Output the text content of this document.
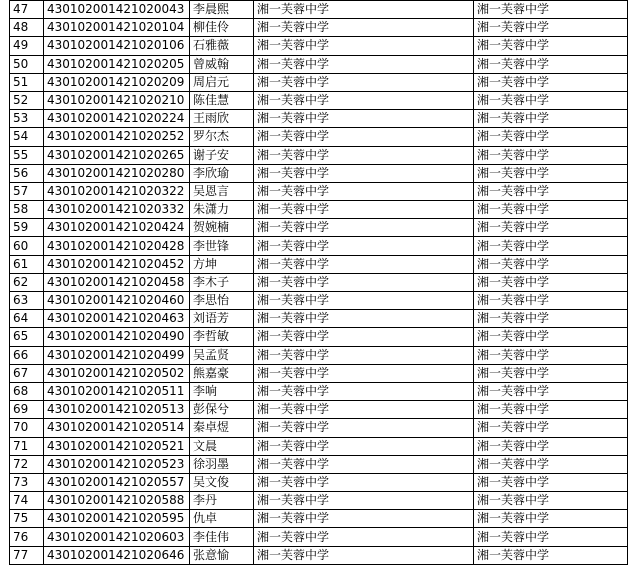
47	430102001421020043	李晨熙	湘一芙蓉中学	湘一芙蓉中学
48	430102001421020104	柳佳伶	湘一芙蓉中学	湘一芙蓉中学
49	430102001421020106	石雅薇	湘一芙蓉中学	湘一芙蓉中学
50	430102001421020205	曾威翰	湘一芙蓉中学	湘一芙蓉中学
51	430102001421020209	周启元	湘一芙蓉中学	湘一芙蓉中学
52	430102001421020210	陈佳慧	湘一芙蓉中学	湘一芙蓉中学
53	430102001421020224	王雨欣	湘一芙蓉中学	湘一芙蓉中学
54	430102001421020252	罗尔杰	湘一芙蓉中学	湘一芙蓉中学
55	430102001421020265	谢子安	湘一芙蓉中学	湘一芙蓉中学
56	430102001421020280	李欣瑜	湘一芙蓉中学	湘一芙蓉中学
57	430102001421020322	吴恩言	湘一芙蓉中学	湘一芙蓉中学
58	430102001421020332	朱潇力	湘一芙蓉中学	湘一芙蓉中学
59	430102001421020424	贺婉楠	湘一芙蓉中学	湘一芙蓉中学
60	430102001421020428	李世锋	湘一芙蓉中学	湘一芙蓉中学
61	430102001421020452	方坤	湘一芙蓉中学	湘一芙蓉中学
62	430102001421020458	李木子	湘一芙蓉中学	湘一芙蓉中学
63	430102001421020460	李思怡	湘一芙蓉中学	湘一芙蓉中学
64	430102001421020463	刘语芳	湘一芙蓉中学	湘一芙蓉中学
65	430102001421020490	李哲敏	湘一芙蓉中学	湘一芙蓉中学
66	430102001421020499	吴孟贤	湘一芙蓉中学	湘一芙蓉中学
67	430102001421020502	熊嘉豪	湘一芙蓉中学	湘一芙蓉中学
68	430102001421020511	李响	湘一芙蓉中学	湘一芙蓉中学
69	430102001421020513	彭保兮	湘一芙蓉中学	湘一芙蓉中学
70	430102001421020514	秦卓煜	湘一芙蓉中学	湘一芙蓉中学
71	430102001421020521	文晨	湘一芙蓉中学	湘一芙蓉中学
72	430102001421020523	徐羽墨	湘一芙蓉中学	湘一芙蓉中学
73	430102001421020557	吴文俊	湘一芙蓉中学	湘一芙蓉中学
74	430102001421020588	李丹	湘一芙蓉中学	湘一芙蓉中学
75	430102001421020595	仇卓	湘一芙蓉中学	湘一芙蓉中学
76	430102001421020603	李佳伟	湘一芙蓉中学	湘一芙蓉中学
77	430102001421020646	张意愉	湘一芙蓉中学	湘一芙蓉中学
